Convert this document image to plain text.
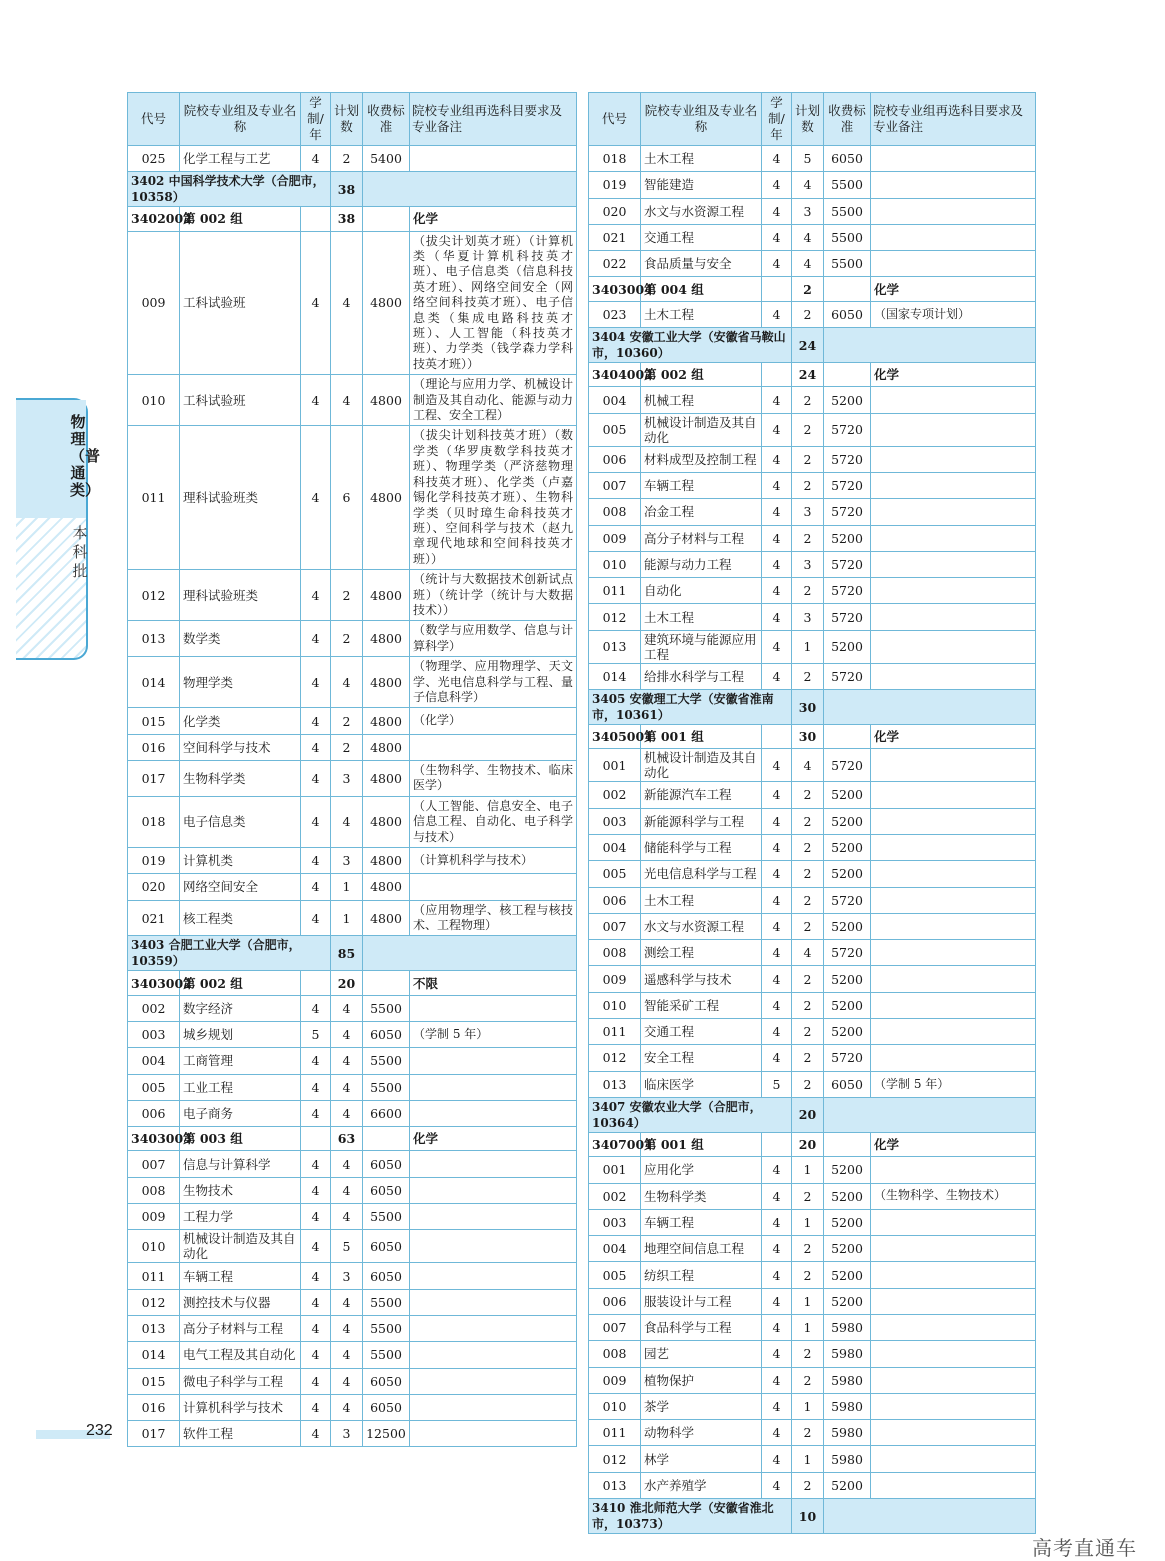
物理（普通类）
本科批
代号	院校专业组及专业名称	学制/年	计划数	收费标准	院校专业组再选科目要求及专业备注
025	化学工程与工艺	4	2	5400	
3402 中国科学技术大学（合肥市，10358）			38		
3402002	第 002 组		38		化学
009	工科试验班	4	4	4800	（拔尖计划英才班）（计算机类（华夏计算机科技英才班）、电子信息类（信息科技英才班）、网络空间安全（网络空间科技英才班）、电子信息类（集成电路科技英才班）、人工智能（科技英才班）、力学类（钱学森力学科技英才班））
010	工科试验班	4	4	4800	（理论与应用力学、机械设计制造及其自动化、能源与动力工程、安全工程）
011	理科试验班类	4	6	4800	（拔尖计划科技英才班）（数学类（华罗庚数学科技英才班）、物理学类（严济慈物理科技英才班）、化学类（卢嘉锡化学科技英才班）、生物科学类（贝时璋生命科技英才班）、空间科学与技术（赵九章现代地球和空间科技英才班））
012	理科试验班类	4	2	4800	（统计与大数据技术创新试点班）（统计学（统计与大数据技术））
013	数学类	4	2	4800	（数学与应用数学、信息与计算科学）
014	物理学类	4	4	4800	（物理学、应用物理学、天文学、光电信息科学与工程、量子信息科学）
015	化学类	4	2	4800	（化学）
016	空间科学与技术	4	2	4800	
017	生物科学类	4	3	4800	（生物科学、生物技术、临床医学）
018	电子信息类	4	4	4800	（人工智能、信息安全、电子信息工程、自动化、电子科学与技术）
019	计算机类	4	3	4800	（计算机科学与技术）
020	网络空间安全	4	1	4800	
021	核工程类	4	1	4800	（应用物理学、核工程与核技术、工程物理）
3403 合肥工业大学（合肥市，10359）			85		
3403002	第 002 组		20		不限
002	数字经济	4	4	5500	
003	城乡规划	5	4	6050	（学制 5 年）
004	工商管理	4	4	5500	
005	工业工程	4	4	5500	
006	电子商务	4	4	6600	
3403003	第 003 组		63		化学
007	信息与计算科学	4	4	6050	
008	生物技术	4	4	6050	
009	工程力学	4	4	5500	
010	机械设计制造及其自动化	4	5	6050	
011	车辆工程	4	3	6050	
012	测控技术与仪器	4	4	5500	
013	高分子材料与工程	4	4	5500	
014	电气工程及其自动化	4	4	5500	
015	微电子科学与工程	4	4	6050	
016	计算机科学与技术	4	4	6050	
017	软件工程	4	3	12500	
代号	院校专业组及专业名称	学制/年	计划数	收费标准	院校专业组再选科目要求及专业备注
018	土木工程	4	5	6050	
019	智能建造	4	4	5500	
020	水文与水资源工程	4	3	5500	
021	交通工程	4	4	5500	
022	食品质量与安全	4	4	5500	
3403004	第 004 组		2		化学
023	土木工程	4	2	6050	（国家专项计划）
3404 安徽工业大学（安徽省马鞍山市，10360）			24		
3404002	第 002 组		24		化学
004	机械工程	4	2	5200	
005	机械设计制造及其自动化	4	2	5720	
006	材料成型及控制工程	4	2	5720	
007	车辆工程	4	2	5720	
008	冶金工程	4	3	5720	
009	高分子材料与工程	4	2	5200	
010	能源与动力工程	4	3	5720	
011	自动化	4	2	5720	
012	土木工程	4	3	5720	
013	建筑环境与能源应用工程	4	1	5200	
014	给排水科学与工程	4	2	5720	
3405 安徽理工大学（安徽省淮南市，10361）			30		
3405001	第 001 组		30		化学
001	机械设计制造及其自动化	4	4	5720	
002	新能源汽车工程	4	2	5200	
003	新能源科学与工程	4	2	5200	
004	储能科学与工程	4	2	5200	
005	光电信息科学与工程	4	2	5200	
006	土木工程	4	2	5720	
007	水文与水资源工程	4	2	5200	
008	测绘工程	4	4	5720	
009	遥感科学与技术	4	2	5200	
010	智能采矿工程	4	2	5200	
011	交通工程	4	2	5200	
012	安全工程	4	2	5720	
013	临床医学	5	2	6050	（学制 5 年）
3407 安徽农业大学（合肥市，10364）			20		
3407001	第 001 组		20		化学
001	应用化学	4	1	5200	
002	生物科学类	4	2	5200	（生物科学、生物技术）
003	车辆工程	4	1	5200	
004	地理空间信息工程	4	2	5200	
005	纺织工程	4	2	5200	
006	服装设计与工程	4	1	5200	
007	食品科学与工程	4	1	5980	
008	园艺	4	2	5980	
009	植物保护	4	2	5980	
010	茶学	4	1	5980	
011	动物科学	4	2	5980	
012	林学	4	1	5980	
013	水产养殖学	4	2	5200	
3410 淮北师范大学（安徽省淮北市，10373）			10		
232
高考直通车
